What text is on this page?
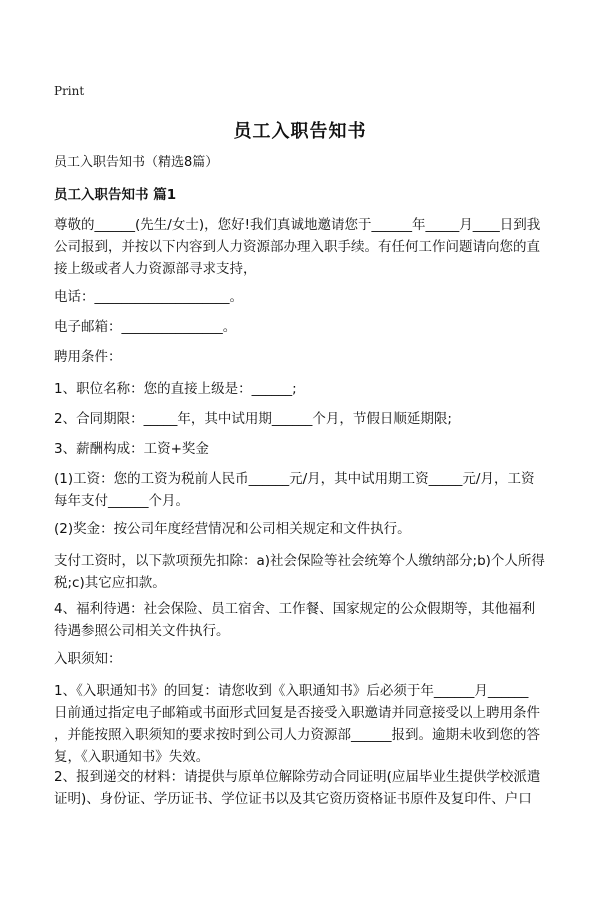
Print
员工入职告知书
员工入职告知书（精选8篇）
员工入职告知书 篇1

尊敬的______(先生/女士)，您好!我们真诚地邀请您于______年_____月____日到我

公司报到，并按以下内容到人力资源部办理入职手续。有任何工作问题请向您的直

接上级或者人力资源部寻求支持，

电话：____________________。
电子邮箱：_______________。
聘用条件：
1、职位名称：您的直接上级是：______;
2、合同期限：_____年，其中试用期______个月，节假日顺延期限;
3、薪酬构成：工资+奖金

(1)工资：您的工资为税前人民币______元/月，其中试用期工资_____元/月，工资

每年支付______个月。

(2)奖金：按公司年度经营情况和公司相关规定和文件执行。

支付工资时，以下款项预先扣除：a)社会保险等社会统筹个人缴纳部分;b)个人所得

税;c)其它应扣款。

4、福利待遇：社会保险、员工宿舍、工作餐、国家规定的公众假期等，其他福利

待遇参照公司相关文件执行。

入职须知：

1、《入职通知书》的回复：请您收到《入职通知书》后必须于年______月______

日前通过指定电子邮箱或书面形式回复是否接受入职邀请并同意接受以上聘用条件

，并能按照入职须知的要求按时到公司人力资源部______报到。逾期未收到您的答

复，《入职通知书》失效。

2、报到递交的材料：请提供与原单位解除劳动合同证明(应届毕业生提供学校派遣

证明)、身份证、学历证书、学位证书以及其它资历资格证书原件及复印件、户口
